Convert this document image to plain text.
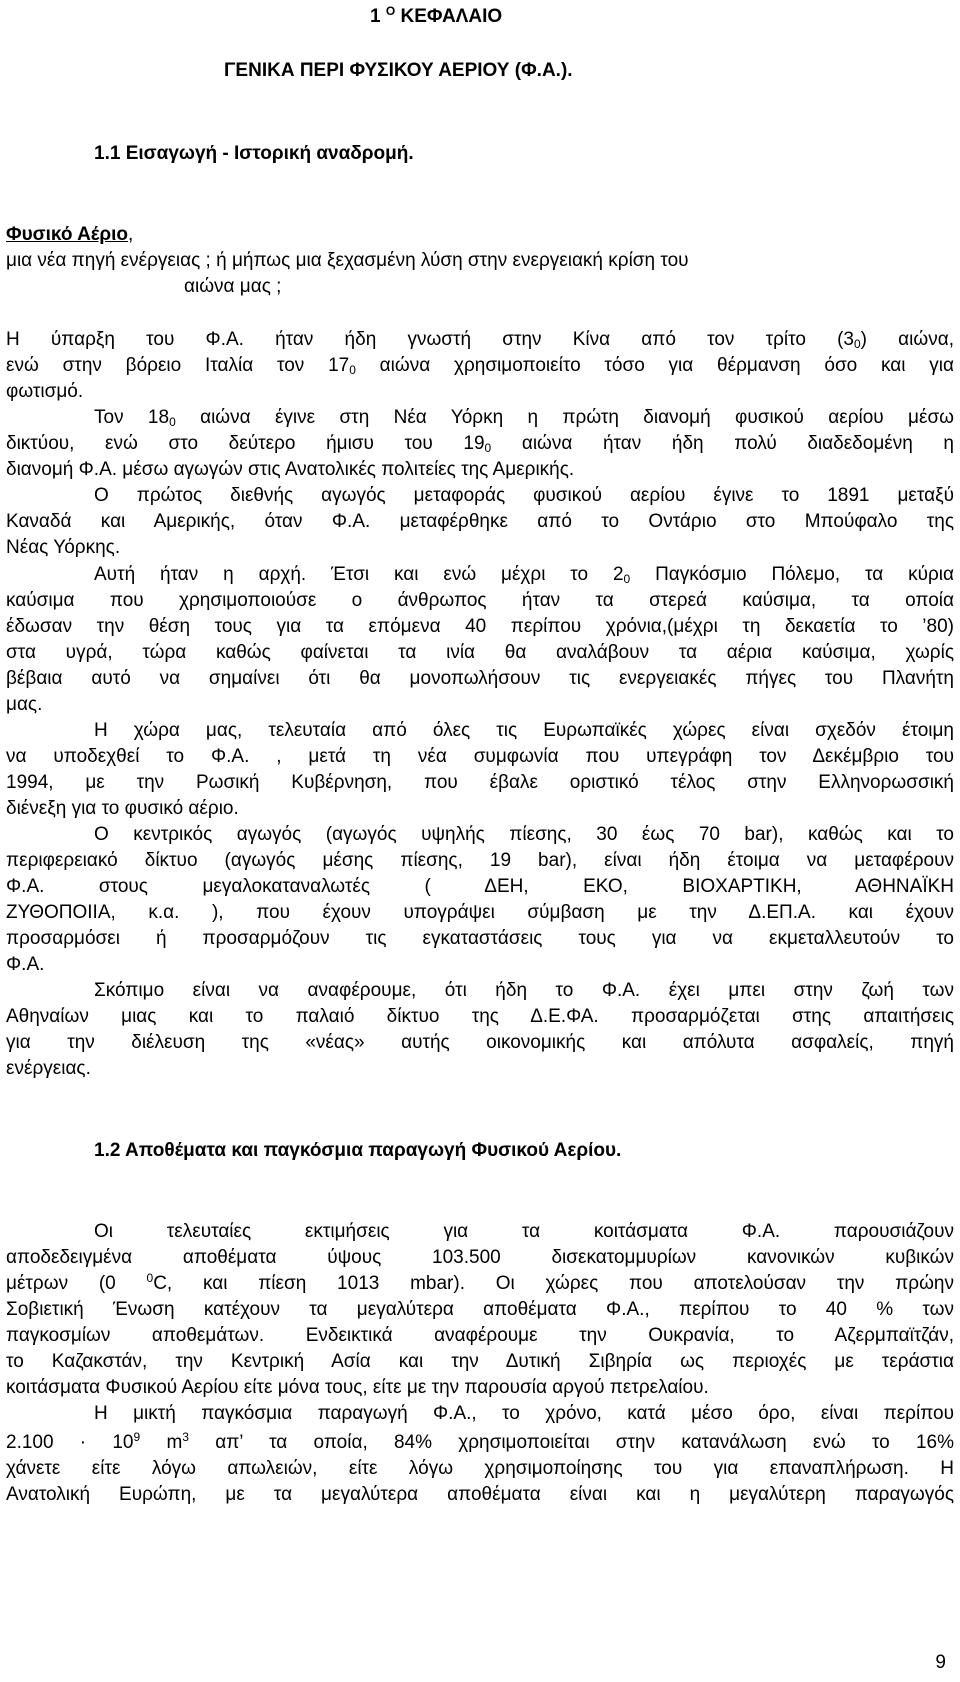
1 $^O$ ΚΕΦΑΛΑΙΟ
ΓΕΝΙΚΑ ΠΕΡΙ ΦΥΣΙΚΟΥ ΑΕΡΙΟΥ (Φ.Α.).
1.1 Εισαγωγή - Ιστορική αναδρομή.
Φυσικό Αέριο,
μια νέα πηγή ενέργειας ; ή μήπως μια ξεχασμένη λύση στην ενεργειακή κρίση του
αιώνα μας ;
Η ύπαρξη του Φ.Α. ήταν ήδη γνωστή στην Κίνα από τον τρίτο $(3_0)$ αιώνα,
ενώ στην βόρειο Ιταλία τον $17_0$ αιώνα χρησιμοποιείτο τόσο για θέρμανση όσο και για
φωτισμό.
Τον $18_0$ αιώνα έγινε στη Νέα Υόρκη η πρώτη διανομή φυσικού αερίου μέσω
δικτύου, ενώ στο δεύτερο ήμισυ του $19_0$ αιώνα ήταν ήδη πολύ διαδεδομένη η
διανομή Φ.Α. μέσω αγωγών στις Ανατολικές πολιτείες της Αμερικής.
Ο πρώτος διεθνής αγωγός μεταφοράς φυσικού αερίου έγινε το 1891 μεταξύ
Καναδά και Αμερικής, όταν Φ.Α. μεταφέρθηκε από το Οντάριο στο Μπούφαλο της
Νέας Υόρκης.
Αυτή ήταν η αρχή. Έτσι και ενώ μέχρι το $2_0$ Παγκόσμιο Πόλεμο, τα κύρια
καύσιμα που χρησιμοποιούσε ο άνθρωπος ήταν τα στερεά καύσιμα, τα οποία
έδωσαν την θέση τους για τα επόμενα 40 περίπου χρόνια,(μέχρι τη δεκαετία το ’80)
στα υγρά, τώρα καθώς φαίνεται τα ινία θα αναλάβουν τα αέρια καύσιμα, χωρίς
βέβαια αυτό να σημαίνει ότι θα μονοπωλήσουν τις ενεργειακές πήγες του Πλανήτη
μας.
Η χώρα μας, τελευταία από όλες τις Ευρωπαϊκές χώρες είναι σχεδόν έτοιμη
να υποδεχθεί το Φ.Α. , μετά τη νέα συμφωνία που υπεγράφη τον Δεκέμβριο του
1994, με την Ρωσική Κυβέρνηση, που έβαλε οριστικό τέλος στην Ελληνορωσσική
διένεξη για το φυσικό αέριο.
Ο κεντρικός αγωγός (αγωγός υψηλής πίεσης, 30 έως 70 bar), καθώς και το
περιφερειακό δίκτυο (αγωγός μέσης πίεσης, 19 bar), είναι ήδη έτοιμα να μεταφέρουν
Φ.Α. στους μεγαλοκαταναλωτές ( ΔΕΗ, ΕΚΟ, ΒΙΟΧΑΡΤΙΚΗ, ΑΘΗΝΑΪΚΗ
ΖΥΘΟΠΟΙΙΑ, κ.α. ), που έχουν υπογράψει σύμβαση με την Δ.ΕΠ.Α. και έχουν
προσαρμόσει ή προσαρμόζουν τις εγκαταστάσεις τους για να εκμεταλλευτούν το
Φ.Α.
Σκόπιμο είναι να αναφέρουμε, ότι ήδη το Φ.Α. έχει μπει στην ζωή των
Αθηναίων μιας και το παλαιό δίκτυο της Δ.Ε.ΦΑ. προσαρμόζεται στης απαιτήσεις
για την διέλευση της «νέας» αυτής οικονομικής και απόλυτα ασφαλείς, πηγή
ενέργειας.
1.2 Αποθέματα και παγκόσμια παραγωγή Φυσικού Αερίου.
Οι τελευταίες εκτιμήσεις για τα κοιτάσματα Φ.Α. παρουσιάζουν
αποδεδειγμένα αποθέματα ύψους 103.500 δισεκατομμυρίων κανονικών κυβικών
μέτρων (0 $^0$C, και πίεση 1013 mbar). Οι χώρες που αποτελούσαν την πρώην
Σοβιετική Ένωση κατέχουν τα μεγαλύτερα αποθέματα Φ.Α., περίπου το 40 % των
παγκοσμίων αποθεμάτων. Ενδεικτικά αναφέρουμε την Ουκρανία, το Αζερμπαϊτζάν,
το Καζακστάν, την Κεντρική Ασία και την Δυτική Σιβηρία ως περιοχές με τεράστια
κοιτάσματα Φυσικού Αερίου είτε μόνα τους, είτε με την παρουσία αργού πετρελαίου.
Η μικτή παγκόσμια παραγωγή Φ.Α., το χρόνο, κατά μέσο όρο, είναι περίπου
$2.100 \cdot 10^9$ $m^3$ απ’ τα οποία, 84% χρησιμοποιείται στην κατανάλωση ενώ το 16%
χάνετε είτε λόγω απωλειών, είτε λόγω χρησιμοποίησης του για επαναπλήρωση. Η
Ανατολική Ευρώπη, με τα μεγαλύτερα αποθέματα είναι και η μεγαλύτερη παραγωγός
9
